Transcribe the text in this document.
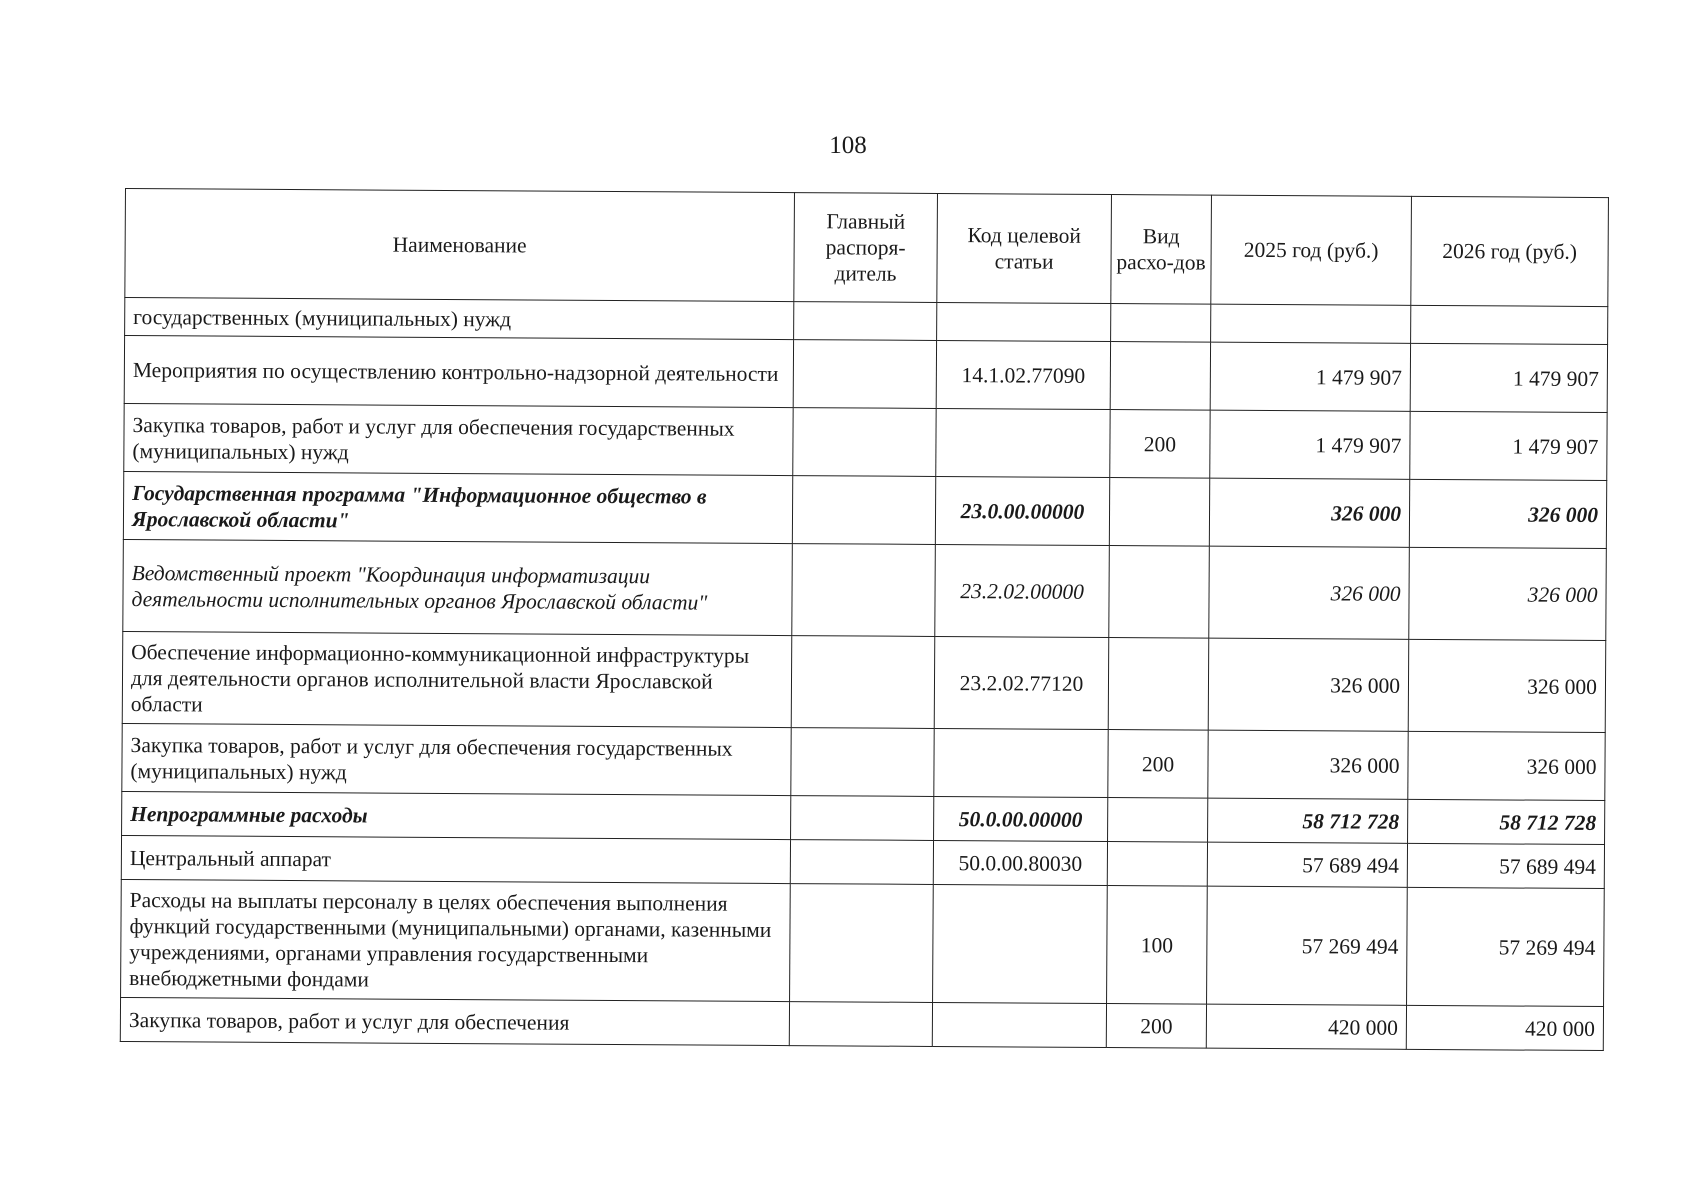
108
Наименование	Главный распоря-дитель	Код целевой статьи	Вид расхо-дов	2025 год (руб.)	2026 год (руб.)
государственных (муниципальных) нужд					
Мероприятия по осуществлению контрольно-надзорной деятельности		14.1.02.77090		1 479 907	1 479 907
Закупка товаров, работ и услуг для обеспечения государственных (муниципальных) нужд			200	1 479 907	1 479 907
Государственная программа "Информационное общество в Ярославской области"		23.0.00.00000		326 000	326 000
Ведомственный проект "Координация информатизации деятельности исполнительных органов Ярославской области"		23.2.02.00000		326 000	326 000
Обеспечение информационно-коммуникационной инфраструктуры для деятельности органов исполнительной власти Ярославской области		23.2.02.77120		326 000	326 000
Закупка товаров, работ и услуг для обеспечения государственных (муниципальных) нужд			200	326 000	326 000
Непрограммные расходы		50.0.00.00000		58 712 728	58 712 728
Центральный аппарат		50.0.00.80030		57 689 494	57 689 494
Расходы на выплаты персоналу в целях обеспечения выполнения функций государственными (муниципальными) органами, казенными учреждениями, органами управления государственными внебюджетными фондами			100	57 269 494	57 269 494
Закупка товаров, работ и услуг для обеспечения			200	420 000	420 000
